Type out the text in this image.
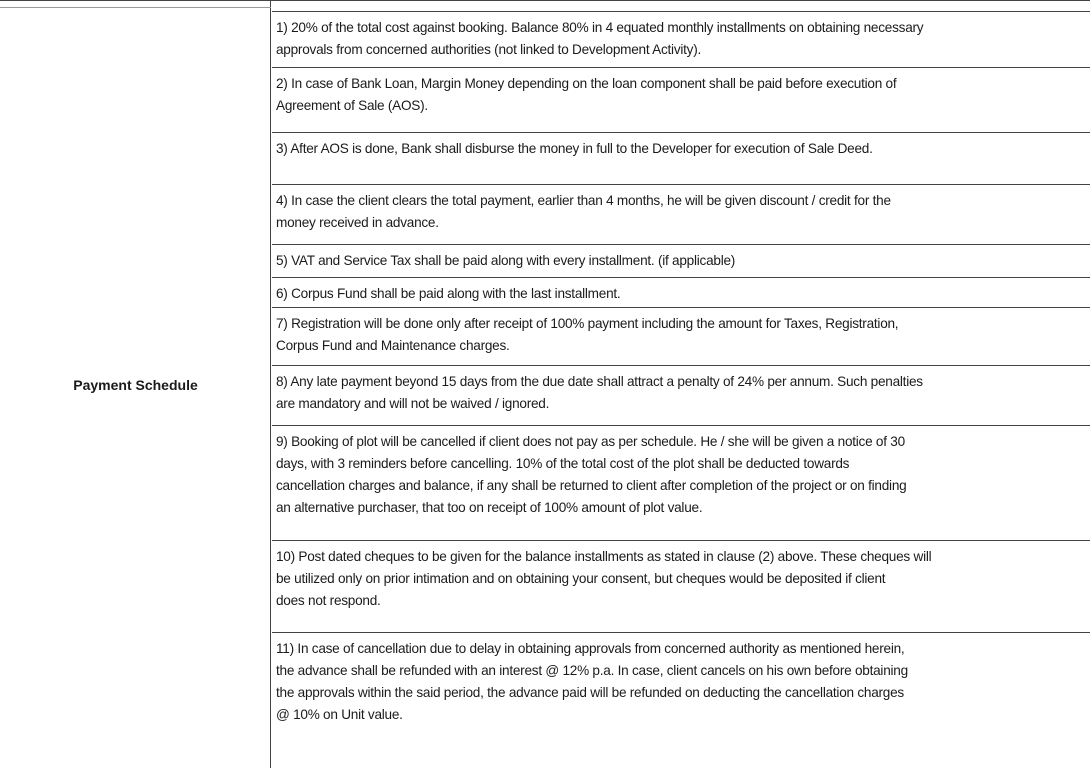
Payment Schedule
1) 20% of the total cost against booking. Balance 80% in 4 equated monthly installments on obtaining necessary
approvals from concerned authorities (not linked to Development Activity).
2) In case of Bank Loan, Margin Money depending on the loan component shall be paid before execution of
Agreement of Sale (AOS).
3) After AOS is done, Bank shall disburse the money in full to the Developer for execution of Sale Deed.
4) In case the client clears the total payment, earlier than 4 months, he will be given discount / credit for the
money received in advance.
5) VAT and Service Tax shall be paid along with every installment. (if applicable)
6) Corpus Fund shall be paid along with the last installment.
7) Registration will be done only after receipt of 100% payment including the amount for Taxes, Registration,
Corpus Fund and Maintenance charges.
8) Any late payment beyond 15 days from the due date shall attract a penalty of 24% per annum. Such penalties
are mandatory and will not be waived / ignored.
9) Booking of plot will be cancelled if client does not pay as per schedule. He / she will be given a notice of 30
days, with 3 reminders before cancelling. 10% of the total cost of the plot shall be deducted towards
cancellation charges and balance, if any shall be returned to client after completion of the project or on finding
an alternative purchaser, that too on receipt of 100% amount of plot value.
10) Post dated cheques to be given for the balance installments as stated in clause (2) above. These cheques will
be utilized only on prior intimation and on obtaining your consent, but cheques would be deposited if client
does not respond.
11) In case of cancellation due to delay in obtaining approvals from concerned authority as mentioned herein,
the advance shall be refunded with an interest @ 12% p.a. In case, client cancels on his own before obtaining
the approvals within the said period, the advance paid will be refunded on deducting the cancellation charges
@ 10% on Unit value.
